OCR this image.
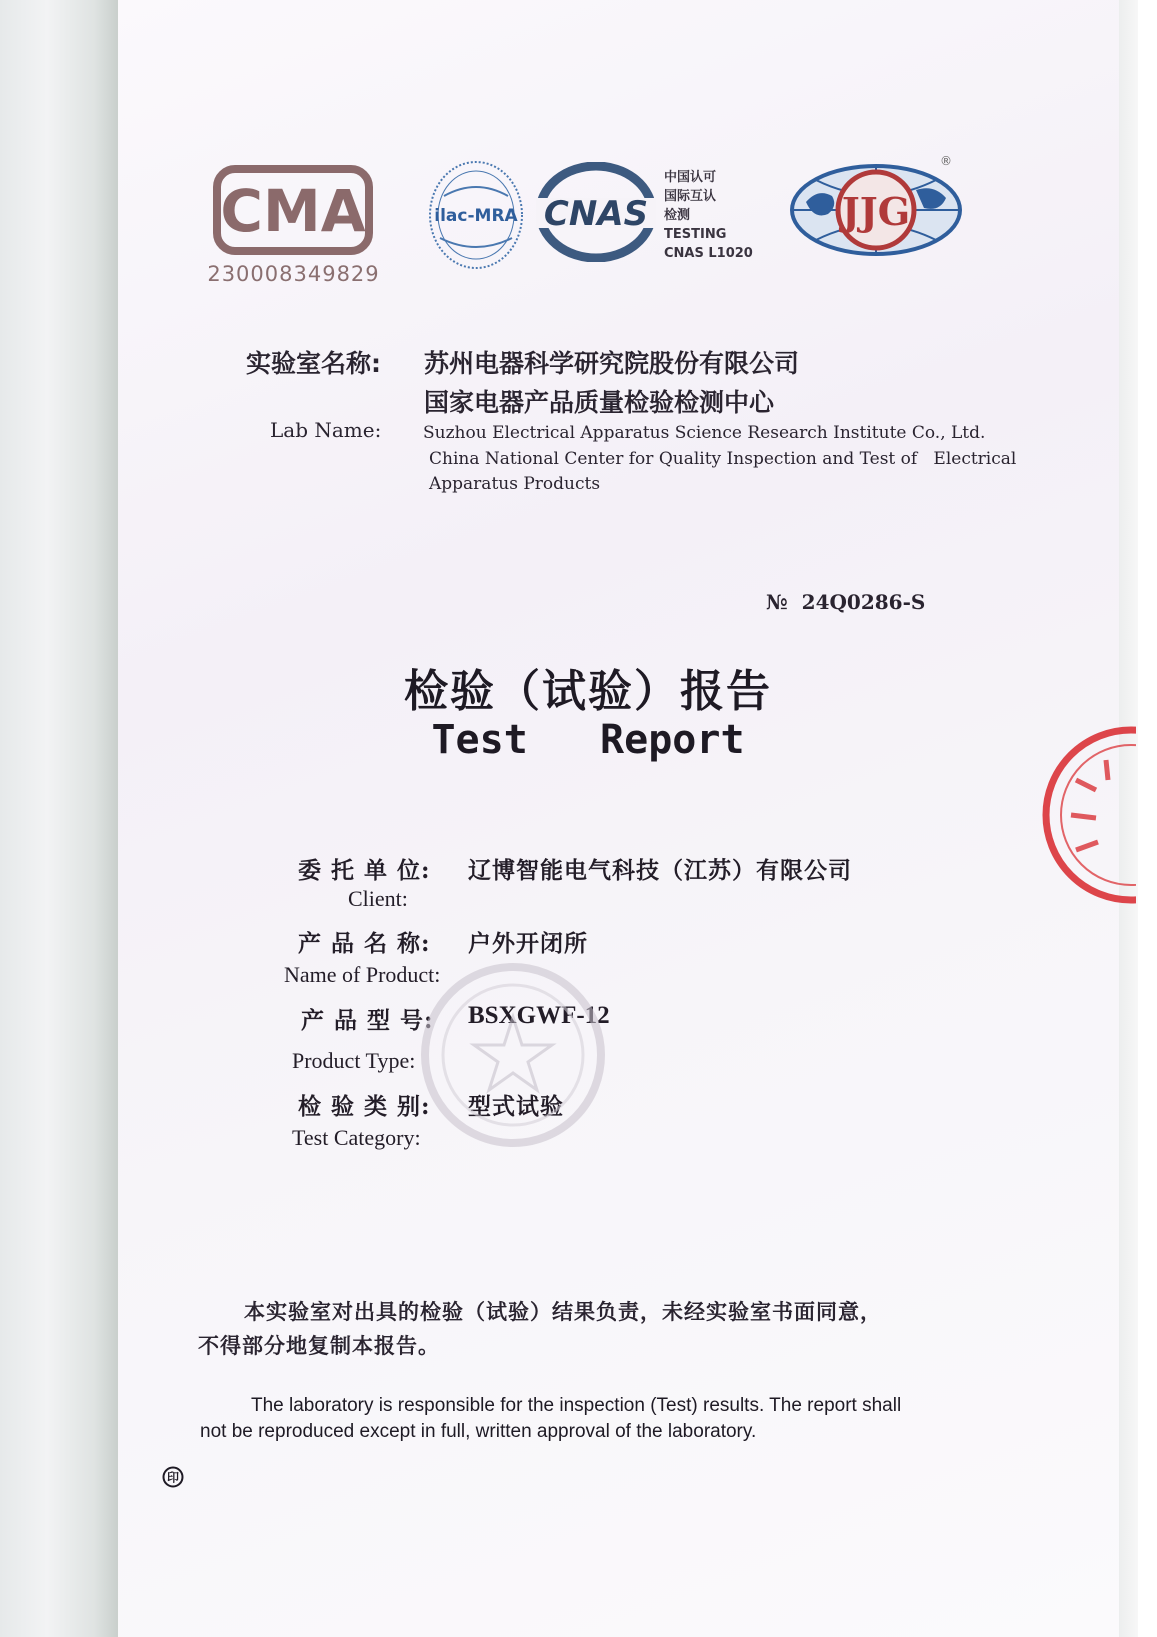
CMA
230008349829
ilac-MRA CNAS
中国认可
国际互认
检测
TESTING
CNAS L1020
JJG
®
实验室名称: 苏州电器科学研究院股份有限公司
国家电器产品质量检验检测中心
Lab Name: Suzhou Electrical Apparatus Science Research Institute Co., Ltd.
China National Center for Quality Inspection and Test of   Electrical
Apparatus Products
№  24Q0286-S
检验（试验）报告
Test   Report
委 托 单 位: 辽博智能电气科技（江苏）有限公司
Client:
产 品 名 称: 户外开闭所
Name of Product:
产 品 型 号: BSXGWF-12
Product Type:
检 验 类 别: 型式试验
Test Category:
本实验室对出具的检验（试验）结果负责，未经实验室书面同意，
不得部分地复制本报告。
The laboratory is responsible for the inspection (Test) results. The report shall
not be reproduced except in full, written approval of the laboratory.
印
